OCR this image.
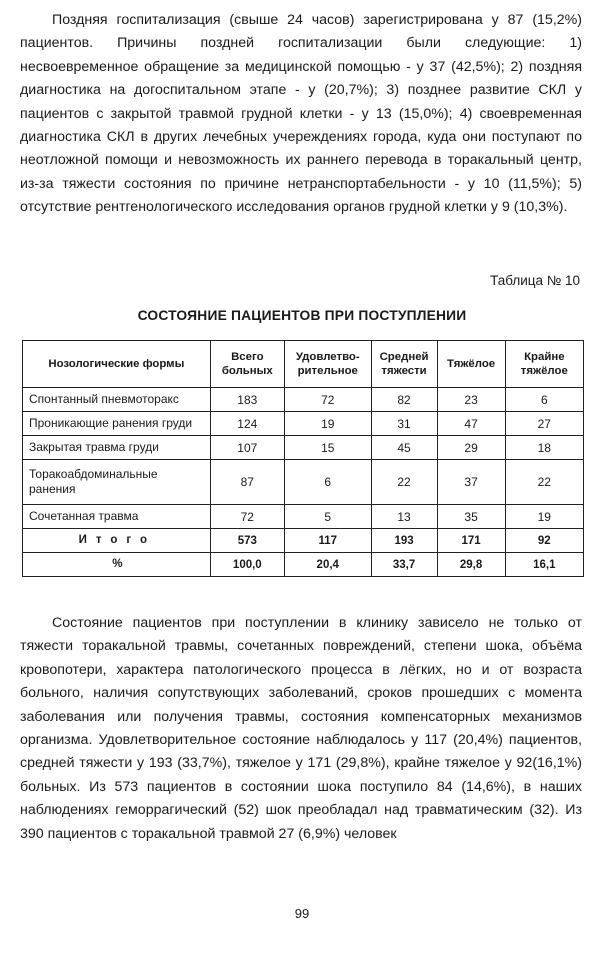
Поздняя госпитализация (свыше 24 часов) зарегистрирована у 87 (15,2%) пациентов. Причины поздней госпитализации были следующие: 1) несвоевременное обращение за медицинской помощью - у 37 (42,5%); 2) поздняя диагностика на догоспитальном этапе - у (20,7%); 3) позднее развитие СКЛ у пациентов с закрытой травмой грудной клетки - у 13 (15,0%); 4) своевременная диагностика СКЛ в других лечебных учереждениях города, куда они поступают по неотложной помощи и невозможность их раннего перевода в торакальный центр, из-за тяжести состояния по причине нетранспортабельности - у 10 (11,5%); 5) отсутствие рентгенологического исследования органов грудной клетки у 9 (10,3%).

Таблица № 10

СОСТОЯНИЕ ПАЦИЕНТОВ ПРИ ПОСТУПЛЕНИИ

Нозологические формы	Всего больных	Удовлетво-рительное	Средней тяжести	Тяжёлое	Крайне тяжёлое
Спонтанный пневмоторакс	183	72	82	23	6
Проникающие ранения груди	124	19	31	47	27
Закрытая травма груди	107	15	45	29	18
Торакоабдоминальные ранения	87	6	22	37	22
Сочетанная травма	72	5	13	35	19
Итого	573	117	193	171	92
%	100,0	20,4	33,7	29,8	16,1

Состояние пациентов при поступлении в клинику зависело не только от тяжести торакальной травмы, сочетанных повреждений, степени шока, объёма кровопотери, характера патологического процесса в лёгких, но и от возраста больного, наличия сопутствующих заболеваний, сроков прошедших с момента заболевания или получения травмы, состояния компенсаторных механизмов организма. Удовлетворительное состояние наблюдалось у 117 (20,4%) пациентов, средней тяжести у 193 (33,7%), тяжелое у 171 (29,8%), крайне тяжелое у 92(16,1%) больных. Из 573 пациентов в состоянии шока поступило 84 (14,6%), в наших наблюдениях геморрагический (52) шок преобладал над травматическим (32). Из 390 пациентов с торакальной травмой 27 (6,9%) человек

99
